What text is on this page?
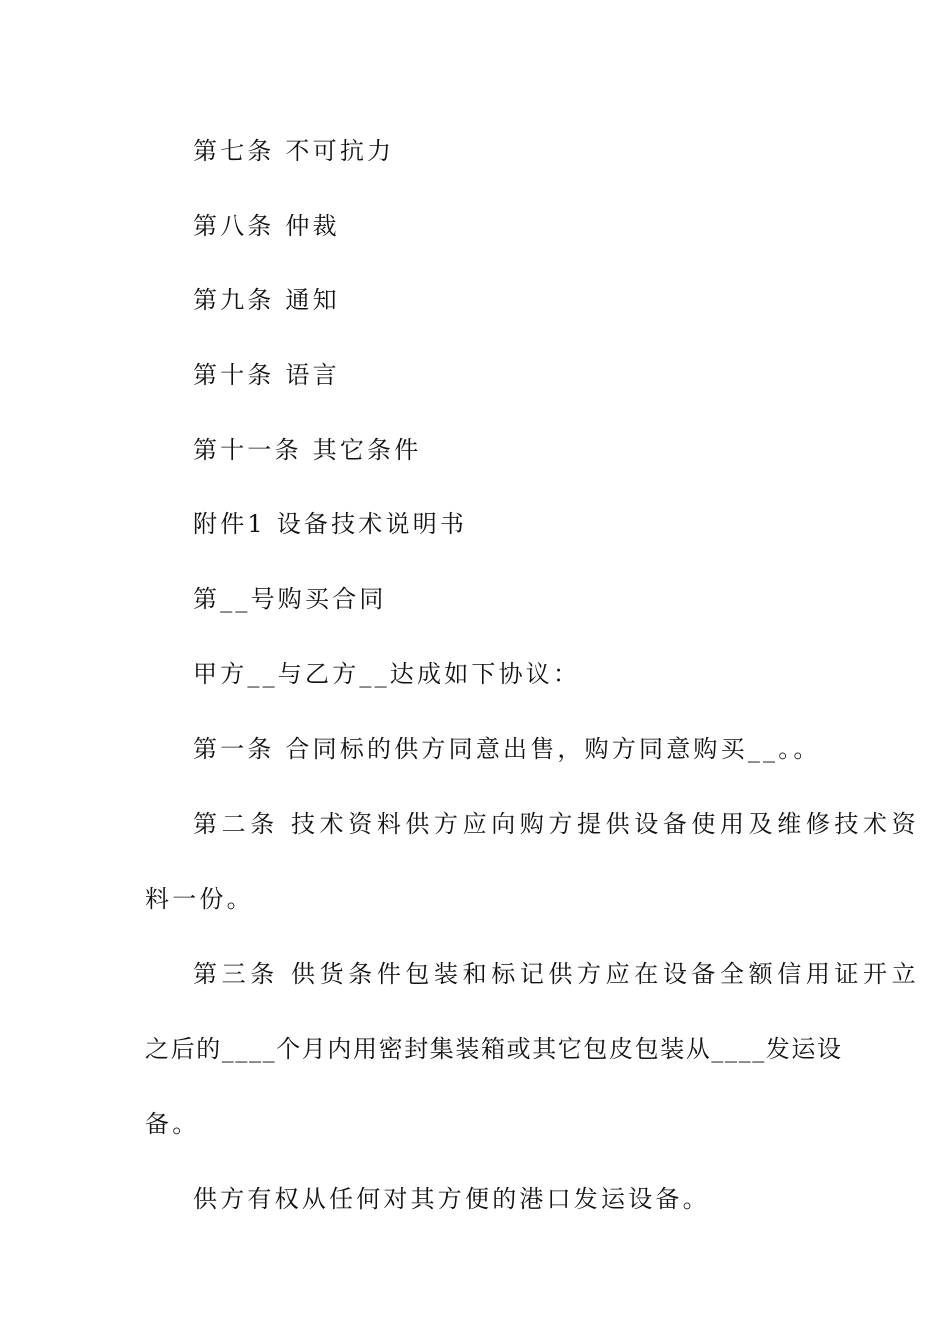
第七条 不可抗力
第八条 仲裁
第九条 通知
第十条 语言
第十一条 其它条件
附件1 设备技术说明书
第__号购买合同
甲方__与乙方__达成如下协议：
第一条 合同标的供方同意出售，购方同意购买__。。
第二条 技术资料供方应向购方提供设备使用及维修技术资
料一份。
第三条 供货条件包装和标记供方应在设备全额信用证开立
之后的____个月内用密封集装箱或其它包皮包装从____发运设
备。
供方有权从任何对其方便的港口发运设备。
